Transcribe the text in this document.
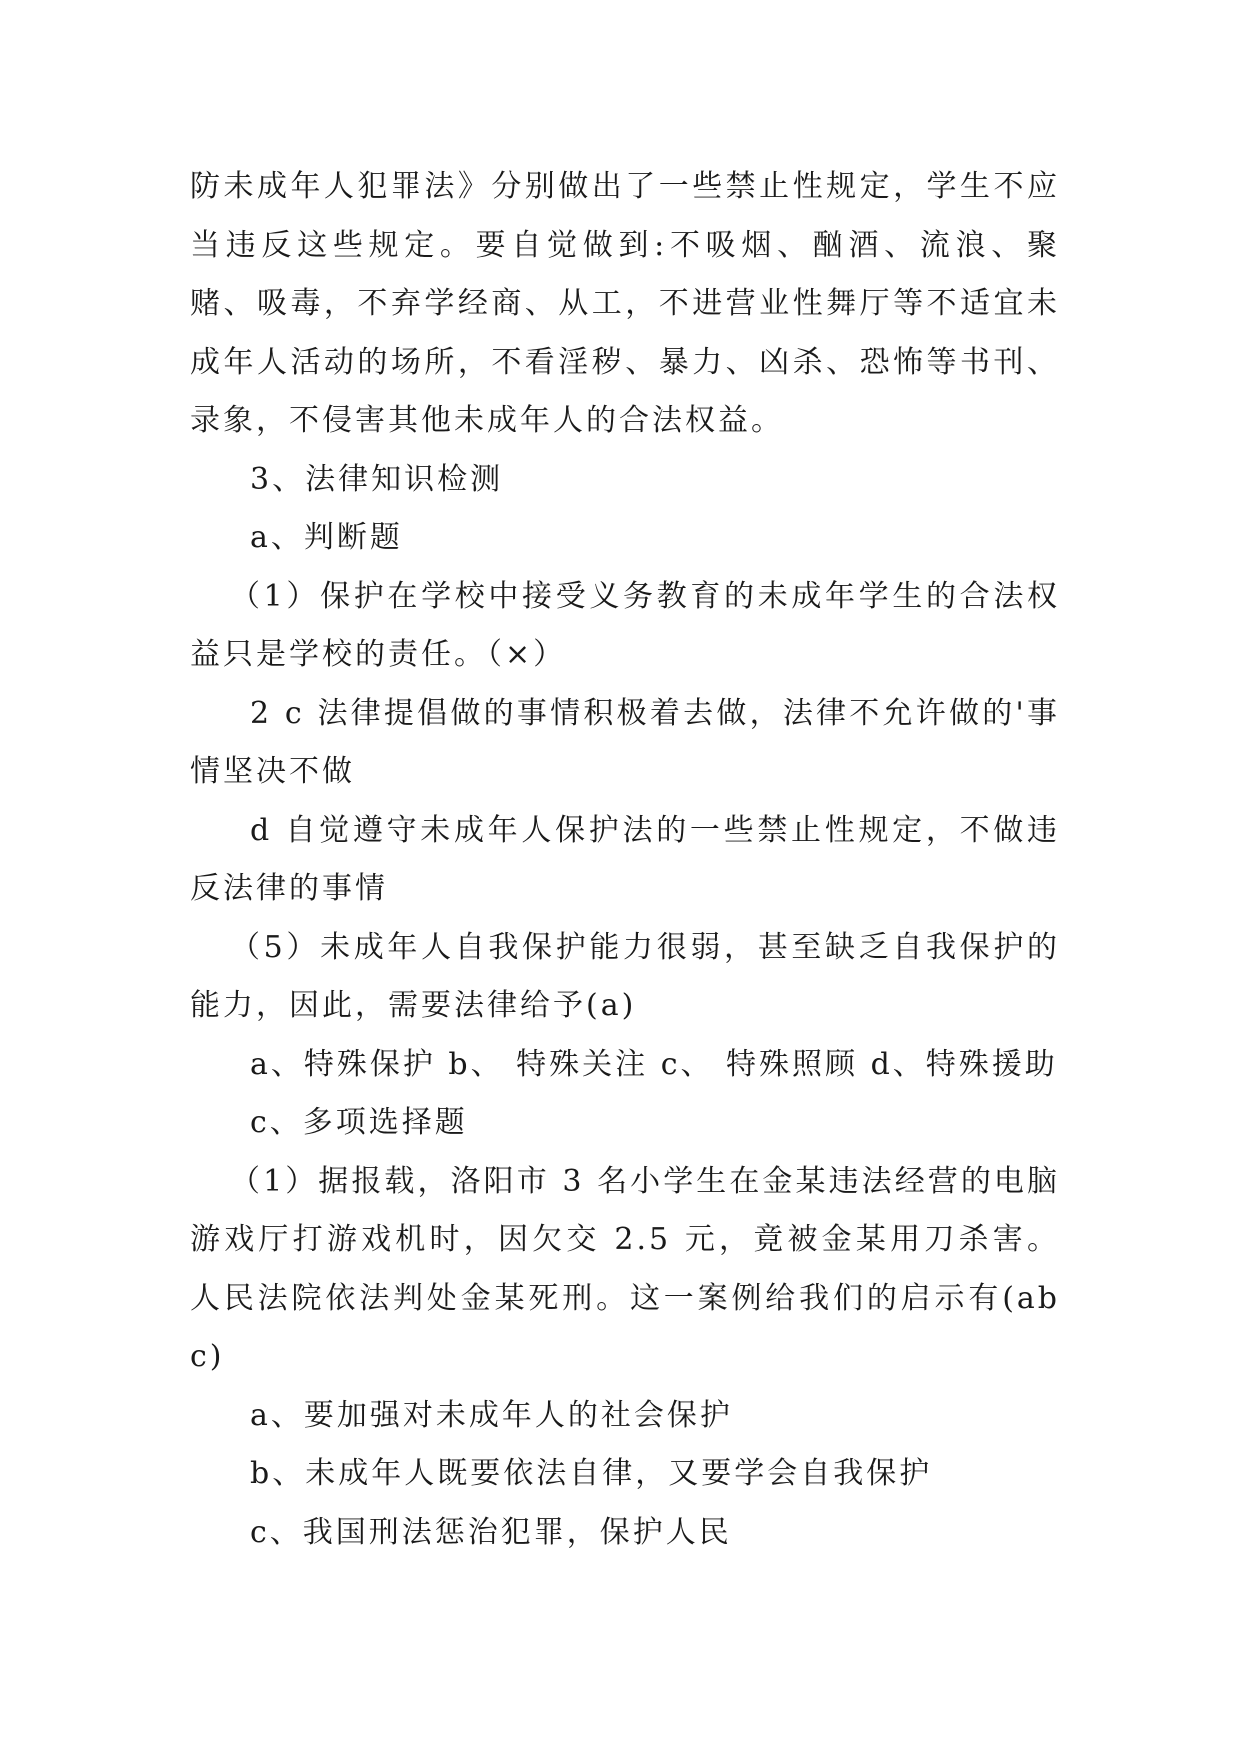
防未成年人犯罪法》分别做出了一些禁止性规定，学生不应当违反这些规定。要自觉做到:不吸烟、酗酒、流浪、聚赌、吸毒，不弃学经商、从工，不进营业性舞厅等不适宜未成年人活动的场所，不看淫秽、暴力、凶杀、恐怖等书刊、录象，不侵害其他未成年人的合法权益。

3、法律知识检测

a、判断题

（1）保护在学校中接受义务教育的未成年学生的合法权益只是学校的责任。（×）

2 c 法律提倡做的事情积极着去做，法律不允许做的'事情坚决不做

d 自觉遵守未成年人保护法的一些禁止性规定，不做违反法律的事情

（5）未成年人自我保护能力很弱，甚至缺乏自我保护的能力，因此，需要法律给予(a)

a、特殊保护 b、 特殊关注 c、 特殊照顾 d、特殊援助

c、多项选择题

（1）据报载，洛阳市 3 名小学生在金某违法经营的电脑游戏厅打游戏机时，因欠交 2.5 元，竟被金某用刀杀害。人民法院依法判处金某死刑。这一案例给我们的启示有(abc)

a、要加强对未成年人的社会保护

b、未成年人既要依法自律，又要学会自我保护

c、我国刑法惩治犯罪，保护人民
